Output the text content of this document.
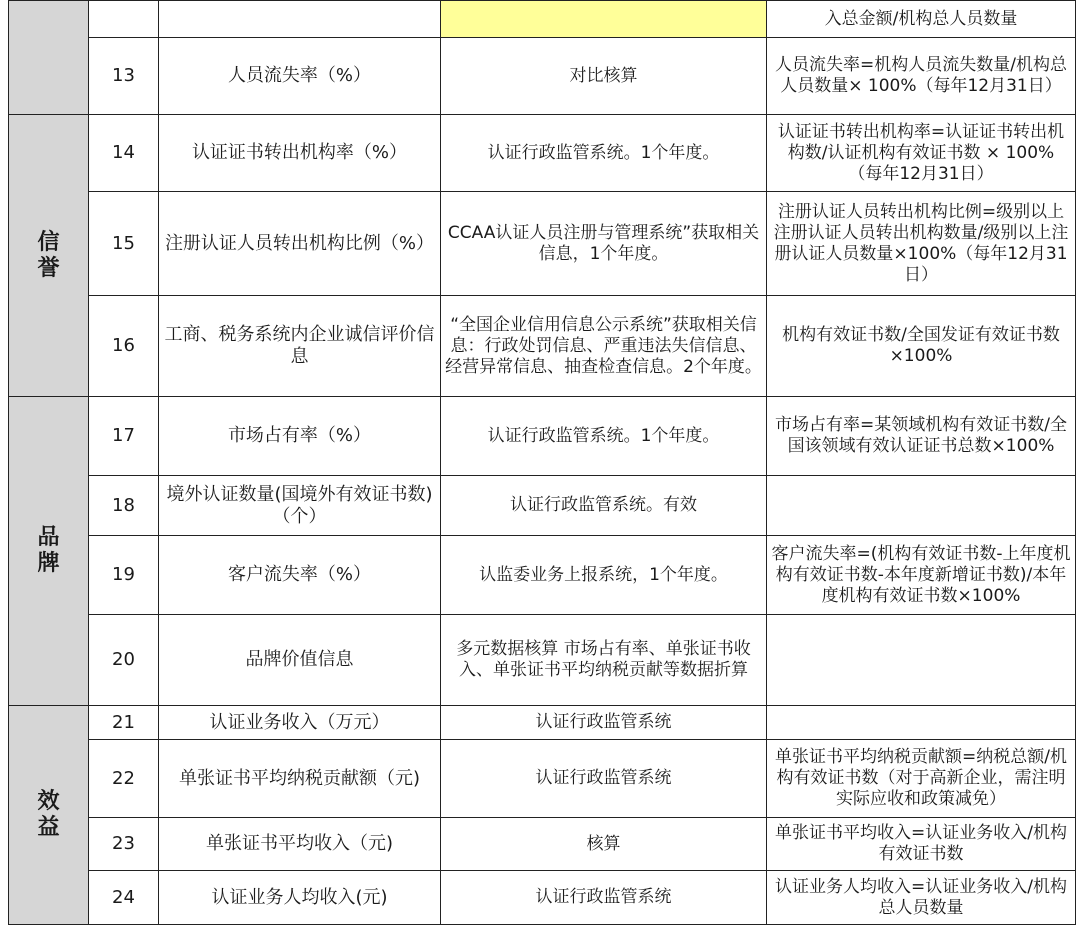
				入总金额/机构总人员数量
	13	人员流失率（%）	对比核算	人员流失率=机构人员流失数量/机构总人员数量× 100%（每年12月31日）

信誉	14	认证证书转出机构率（%）	认证行政监管系统。1个年度。	认证证书转出机构率=认证证书转出机构数/认证机构有效证书数 × 100%（每年12月31日）
	15	注册认证人员转出机构比例（%）	CCAA认证人员注册与管理系统”获取相关信息，1个年度。	注册认证人员转出机构比例=级别以上注册认证人员转出机构数量/级别以上注册认证人员数量×100%（每年12月31日）
	16	工商、税务系统内企业诚信评价信息	“全国企业信用信息公示系统”获取相关信息：行政处罚信息、严重违法失信信息、经营异常信息、抽查检查信息。2个年度。	机构有效证书数/全国发证有效证书数×100%
品牌	17	市场占有率（%）	认证行政监管系统。1个年度。	市场占有率=某领域机构有效证书数/全国该领域有效认证证书总数×100%
	18	境外认证数量(国境外有效证书数)（个）	认证行政监管系统。有效	
	19	客户流失率（%）	认监委业务上报系统，1个年度。	客户流失率=(机构有效证书数-上年度机构有效证书数-本年度新增证书数)/本年度机构有效证书数×100%
	20	品牌价值信息	多元数据核算 市场占有率、单张证书收入、单张证书平均纳税贡献等数据折算	
效益	21	认证业务收入（万元）	认证行政监管系统	
	22	单张证书平均纳税贡献额（元)	认证行政监管系统	单张证书平均纳税贡献额=纳税总额/机构有效证书数（对于高新企业，需注明实际应收和政策减免）
	23	单张证书平均收入（元)	核算	单张证书平均收入=认证业务收入/机构有效证书数
	24	认证业务人均收入(元)	认证行政监管系统	认证业务人均收入=认证业务收入/机构总人员数量
